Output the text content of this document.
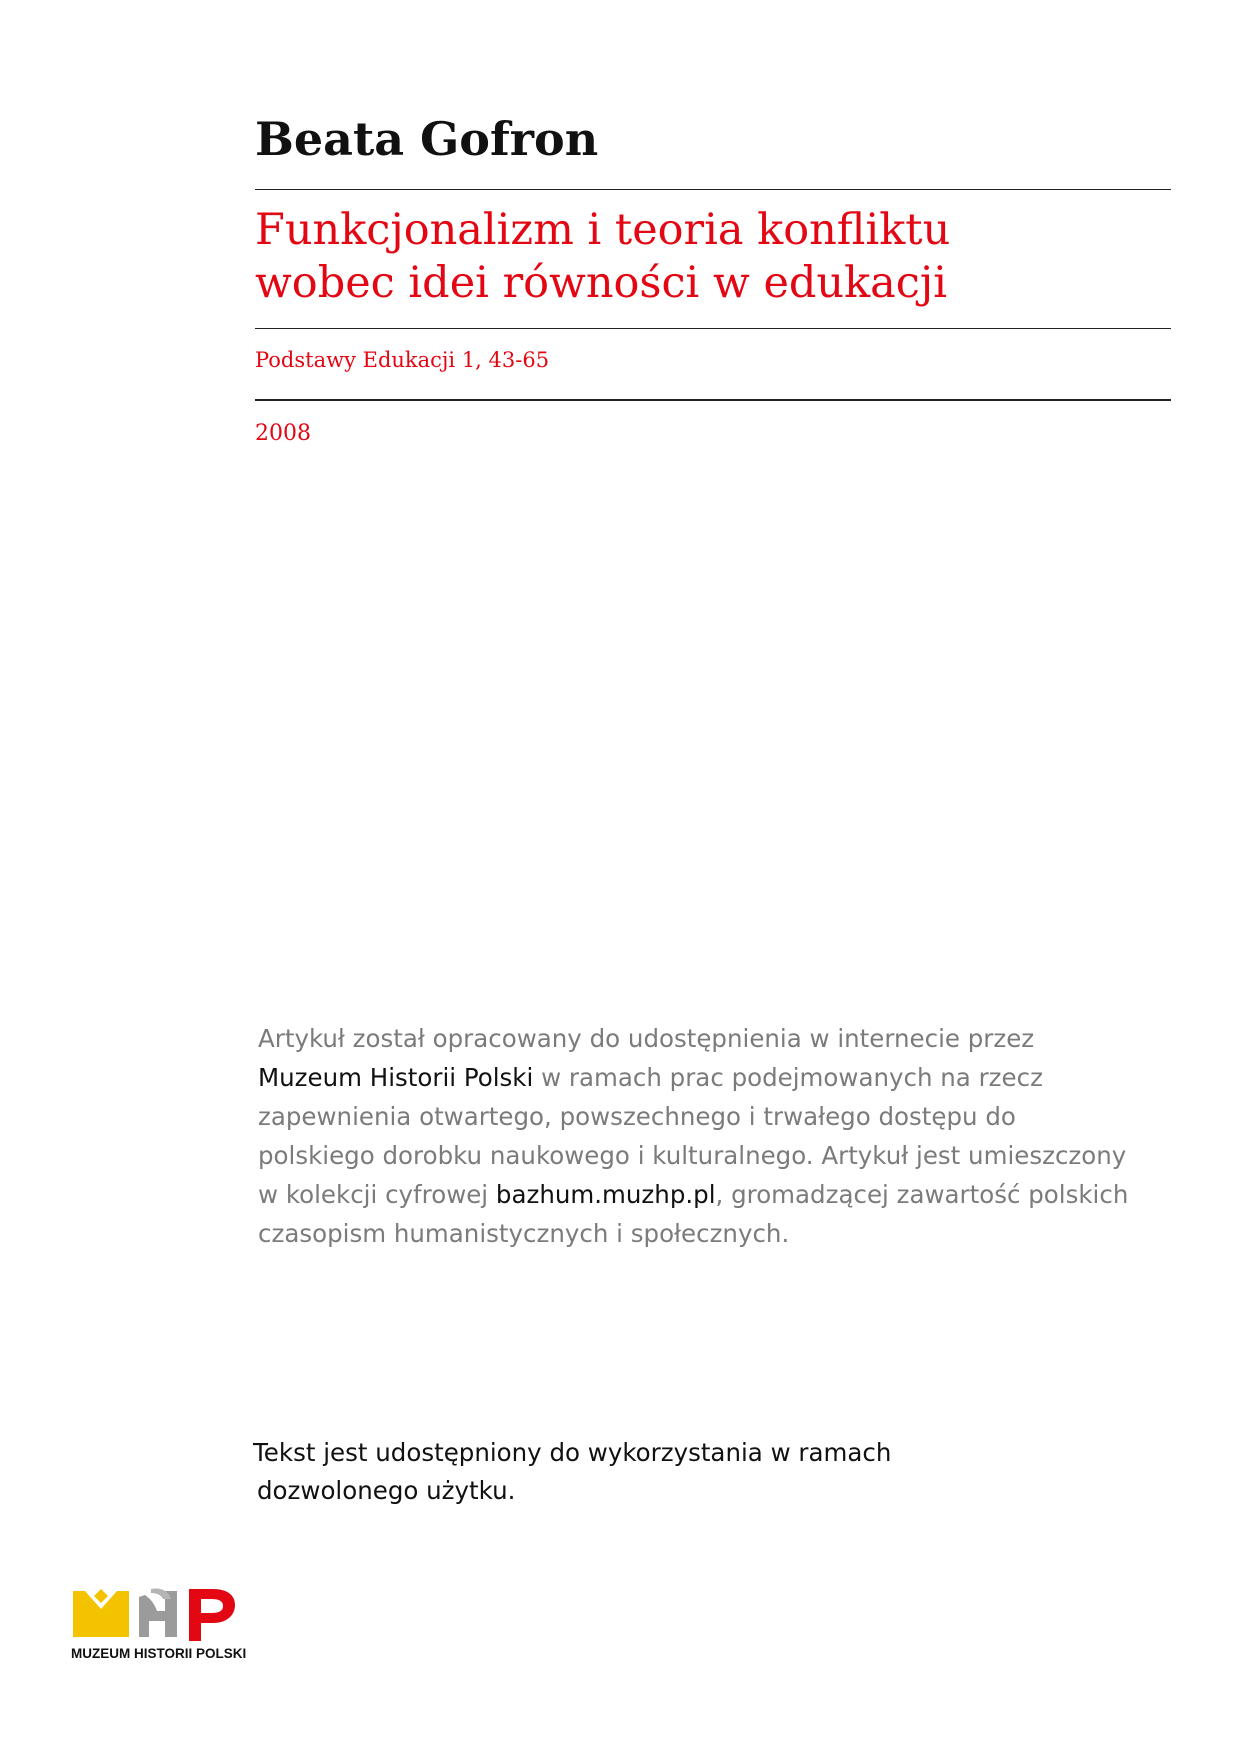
Beata Gofron
Funkcjonalizm i teoria konfliktu
wobec idei równości w edukacji
Podstawy Edukacji 1, 43-65
2008
Artykuł został opracowany do udostępnienia w internecie przez
Muzeum Historii Polski w ramach prac podejmowanych na rzecz
zapewnienia otwartego, powszechnego i trwałego dostępu do
polskiego dorobku naukowego i kulturalnego. Artykuł jest umieszczony
w kolekcji cyfrowej bazhum.muzhp.pl, gromadzącej zawartość polskich
czasopism humanistycznych i społecznych.
Tekst jest udostępniony do wykorzystania w ramach
dozwolonego użytku.
MUZEUM HISTORII POLSKI
